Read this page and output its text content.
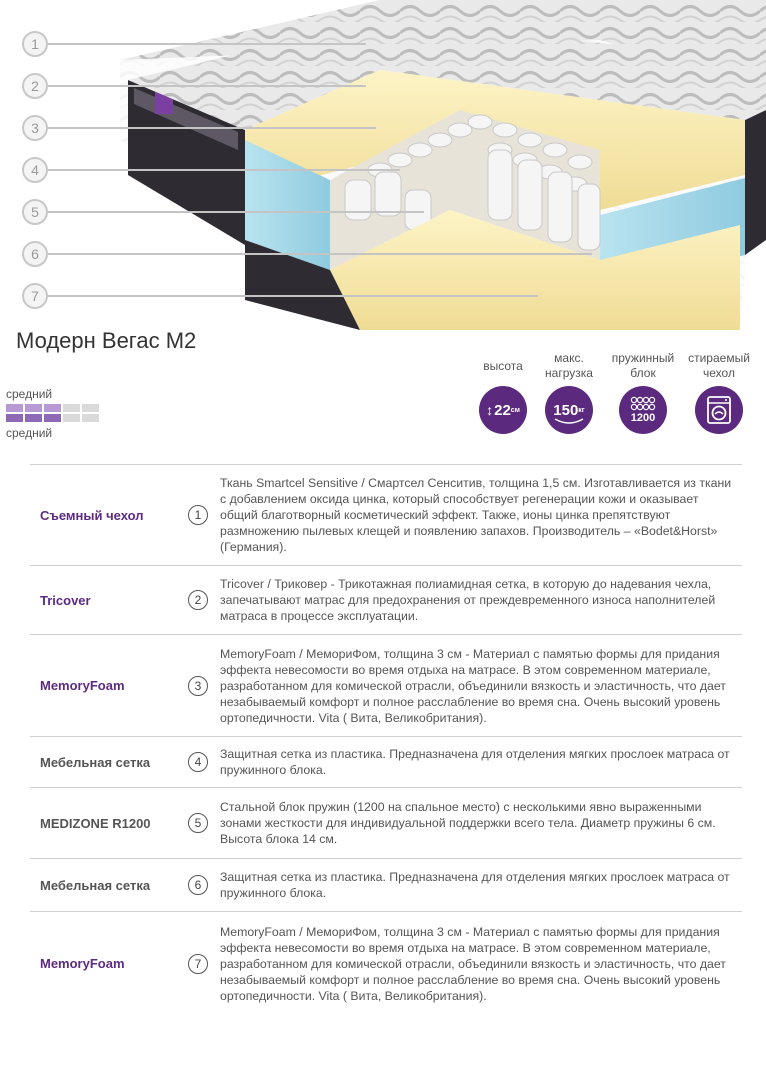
1
2
3
4
5
6
7
Модерн Вегас М2
средний
средний
высота
↕ 22 см
макс. нагрузка
150 кг
пружинный блок
1200
стираемый чехол
Съемный чехол	1
Ткань Smartcel Sensitive / Смартсел Сенситив, толщина 1,5 см. Изготавливается из ткани с добавлением оксида цинка, который способствует регенерации кожи и оказывает общий благотворный косметический эффект. Также, ионы цинка препятствуют размножению пылевых клещей и появлению запахов. Производитель – «Bodet&Horst» (Германия).
Tricover	2
Tricover / Триковер - Трикотажная полиамидная сетка, в которую до надевания чехла, запечатывают матрас для предохранения от преждевременного износа наполнителей матраса в процессе эксплуатации.
MemoryFoam	3
MemoryFoam / МемориФом, толщина 3 см - Материал с памятью формы для придания эффекта невесомости во время отдыха на матрасе. В этом современном материале, разработанном для комической отрасли, объединили вязкость и эластичность, что дает незабываемый комфорт и полное расслабление во время сна. Очень высокий уровень ортопедичности. Vita ( Вита, Великобритания).
Мебельная сетка	4
Защитная сетка из пластика. Предназначена для отделения мягких прослоек матраса от пружинного блока.
MEDIZONE R1200	5
Стальной блок пружин (1200 на спальное место) с несколькими явно выраженными зонами жесткости для индивидуальной поддержки всего тела. Диаметр пружины 6 см. Высота блока 14 см.
Мебельная сетка	6
Защитная сетка из пластика. Предназначена для отделения мягких прослоек матраса от пружинного блока.
MemoryFoam	7
MemoryFoam / МемориФом, толщина 3 см - Материал с памятью формы для придания эффекта невесомости во время отдыха на матрасе. В этом современном материале, разработанном для комической отрасли, объединили вязкость и эластичность, что дает незабываемый комфорт и полное расслабление во время сна. Очень высокий уровень ортопедичности. Vita ( Вита, Великобритания).
